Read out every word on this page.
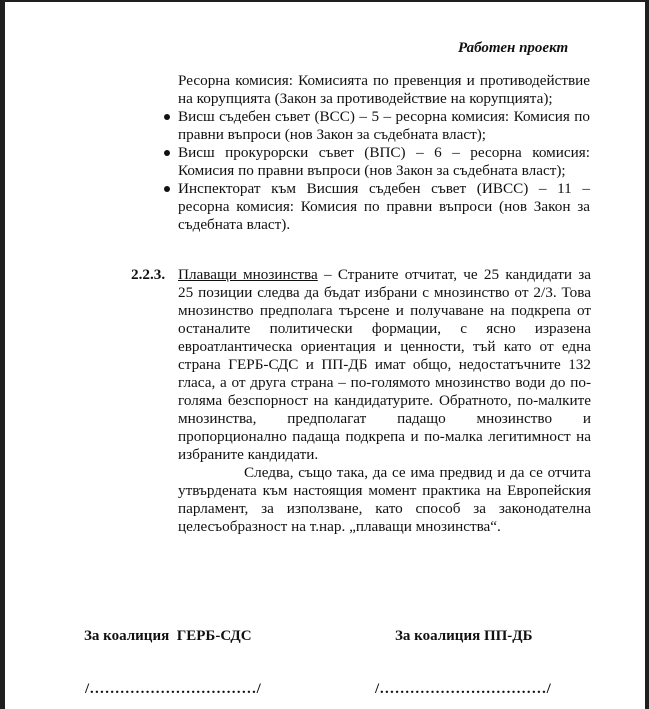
Работен проект
Ресорна комисия: Комисията по превенция и противодействие
на корупцията (Закон за противодействие на корупцията);
Висш съдебен съвет (ВСС) – 5 – ресорна комисия: Комисия по
правни въпроси (нов Закон за съдебната власт);
Висш прокурорски съвет (ВПС) – 6 – ресорна комисия:
Комисия по правни въпроси (нов Закон за съдебната власт);
Инспекторат към Висшия съдебен съвет (ИВСС) – 11 –
ресорна комисия: Комисия по правни въпроси (нов Закон за
съдебната власт).
2.2.3. Плаващи мнозинства – Страните отчитат, че 25 кандидати за
25 позиции следва да бъдат избрани с мнозинство от 2/3. Това
мнозинство предполага търсене и получаване на подкрепа от
останалите политически формации, с ясно изразена
евроатлантическа ориентация и ценности, тъй като от една
страна ГЕРБ-СДС и ПП-ДБ имат общо, недостатъчните 132
гласа, а от друга страна – по-голямото мнозинство води до по-
голяма безспорност на кандидатурите. Обратното, по-малките
мнозинства, предполагат падащо мнозинство и
пропорционално падаща подкрепа и по-малка легитимност на
избраните кандидати.
Следва, също така, да се има предвид и да се отчита
утвърдената към настоящия момент практика на Европейския
парламент, за използване, като способ за законодателна
целесъобразност на т.нар. „плаващи мнозинства“.
За коалиция  ГЕРБ-СДС	За коалиция ПП-ДБ
/……………………………/	/……………………………/
